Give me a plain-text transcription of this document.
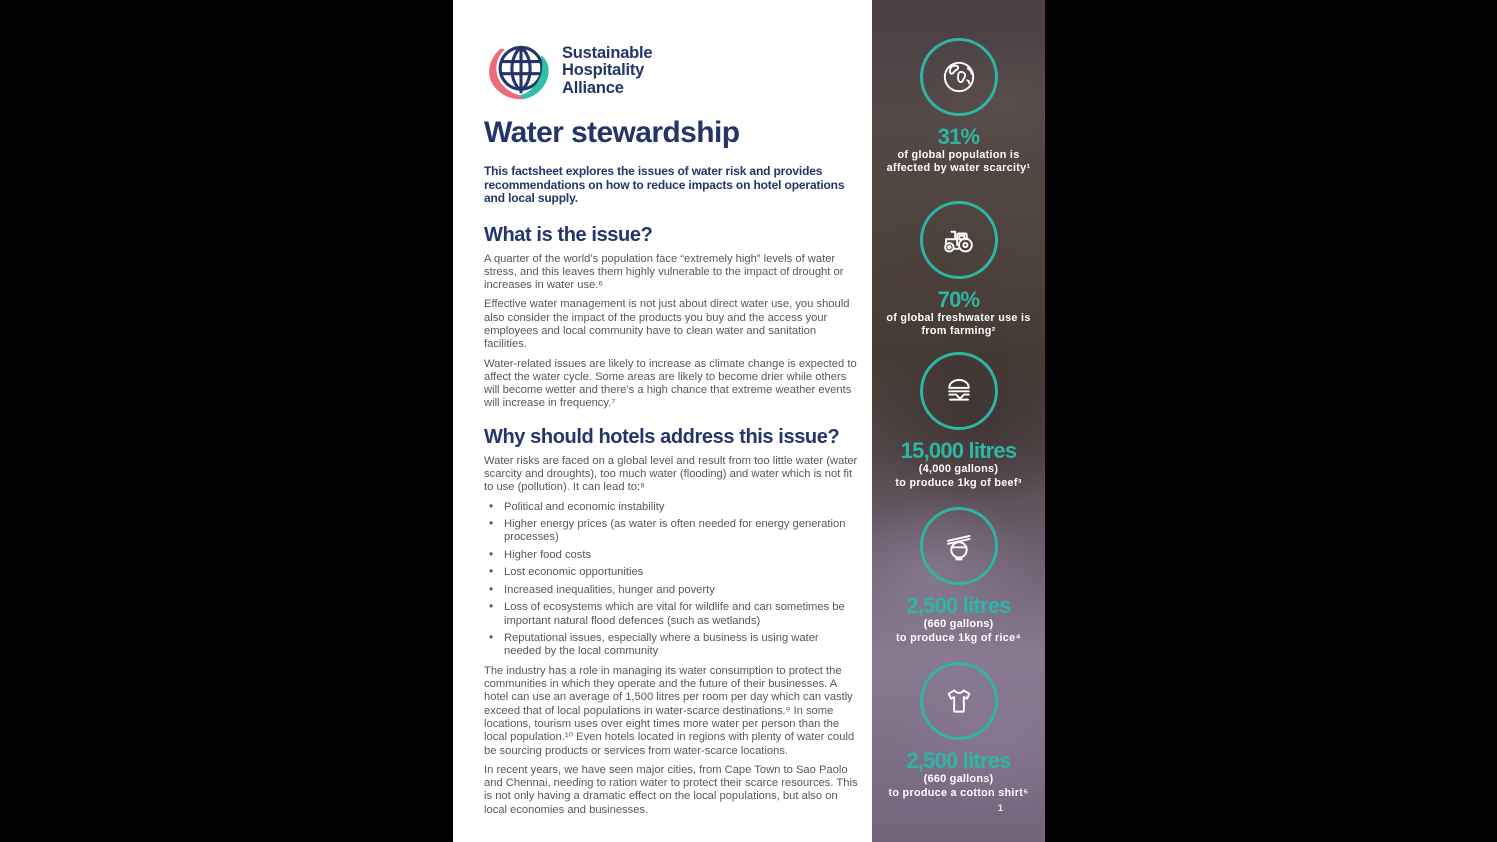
Sustainable
Hospitality
Alliance
Water stewardship

This factsheet explores the issues of water risk and provides recommendations on how to reduce impacts on hotel operations and local supply.

What is the issue?

A quarter of the world’s population face “extremely high” levels of water stress, and this leaves them highly vulnerable to the impact of drought or increases in water use.⁶

Effective water management is not just about direct water use, you should also consider the impact of the products you buy and the access your employees and local community have to clean water and sanitation facilities.

Water-related issues are likely to increase as climate change is expected to affect the water cycle. Some areas are likely to become drier while others will become wetter and there’s a high chance that extreme weather events will increase in frequency.⁷

Why should hotels address this issue?

Water risks are faced on a global level and result from too little water (water scarcity and droughts), too much water (flooding) and water which is not fit to use (pollution). It can lead to:⁸

• Political and economic instability
• Higher energy prices (as water is often needed for energy generation processes)
• Higher food costs
• Lost economic opportunities
• Increased inequalities, hunger and poverty
• Loss of ecosystems which are vital for wildlife and can sometimes be important natural flood defences (such as wetlands)
• Reputational issues, especially where a business is using water needed by the local community

The industry has a role in managing its water consumption to protect the communities in which they operate and the future of their businesses. A hotel can use an average of 1,500 litres per room per day which can vastly exceed that of local populations in water-scarce destinations.⁹ In some locations, tourism uses over eight times more water per person than the local population.¹⁰ Even hotels located in regions with plenty of water could be sourcing products or services from water-scarce locations.

In recent years, we have seen major cities, from Cape Town to Sao Paolo and Chennai, needing to ration water to protect their scarce resources. This is not only having a dramatic effect on the local populations, but also on local economies and businesses.

31%
of global population is affected by water scarcity¹
70%
of global freshwater use is from farming²
15,000 litres
(4,000 gallons)
to produce 1kg of beef³
2,500 litres
(660 gallons)
to produce 1kg of rice⁴
2,500 litres
(660 gallons)
to produce a cotton shirt⁵
1
